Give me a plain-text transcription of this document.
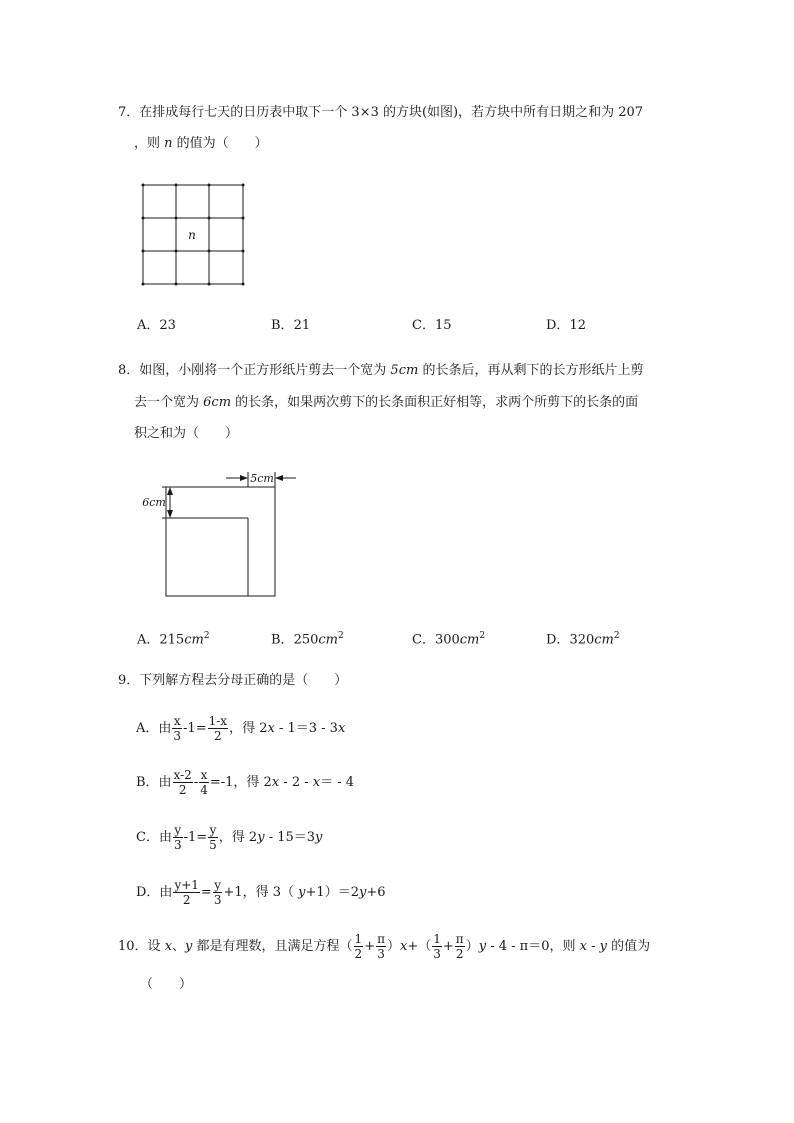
7．在排成每行七天的日历表中取下一个 3×3 的方块(如图)，若方块中所有日期之和为 207
，则 n 的值为（　　）
n
A．23	B．21	C．15	D．12
8．如图，小刚将一个正方形纸片剪去一个宽为 5cm 的长条后，再从剩下的长方形纸片上剪
去一个宽为 6cm 的长条，如果两次剪下的长条面积正好相等，求两个所剪下的长条的面
积之和为（　　）
5cm
6cm
A．$215cm^2$	B．$250cm^2$	C．$300cm^2$	D．$320cm^2$
9．下列解方程去分母正确的是（　　）
A．由 $\frac{x}{3} -1= \frac{1-x}{2}$ ，得 2x - 1＝3 - 3x
B．由 $\frac{x-2}{2} - \frac{x}{4} =-1$，得 2x - 2 - x＝ - 4
C．由 $\frac{y}{3} -1= \frac{y}{5}$ ，得 2y - 15＝3y
D．由 $\frac{y+1}{2} = \frac{y}{3} +1$，得 3（ y+1）＝2y+6
10．设 x、y 都是有理数，且满足方程（ $\frac{1}{2} + \frac{\pi}{3} )x+( \frac{1}{3} + \frac{\pi}{2} )y - 4 - \pi=0$，则 x - y 的值为
（　　）
